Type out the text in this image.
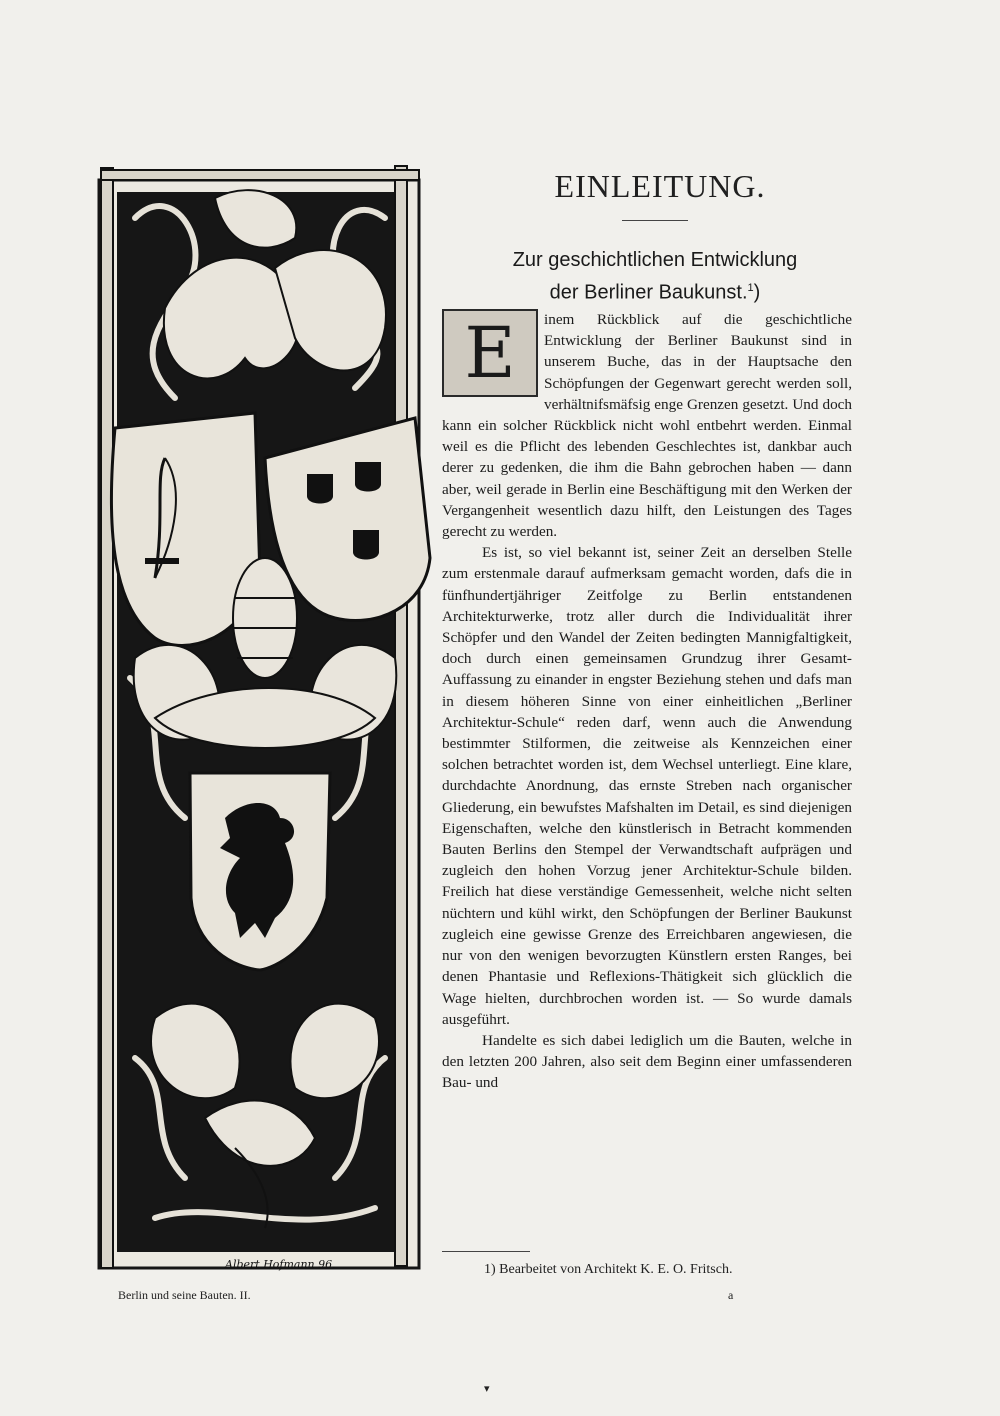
Albert Hofmann 96.
EINLEITUNG.
Zur geschichtlichen Entwicklung
der Berliner Baukunst.$^1$)
E	inem Rückblick auf die geschichtliche Entwicklung der Berliner Baukunst sind in unserem Buche, das in der Hauptsache den Schöpfungen der Gegenwart gerecht werden soll, verhältnifsmäfsig enge Grenzen gesetzt. Und doch kann ein solcher Rückblick nicht wohl entbehrt werden. Einmal weil es die Pflicht des lebenden Geschlechtes ist, dankbar auch derer zu gedenken, die ihm die Bahn gebrochen haben — dann aber, weil gerade in Berlin eine Beschäftigung mit den Werken der Vergangenheit wesentlich dazu hilft, den Leistungen des Tages gerecht zu werden.

Es ist, so viel bekannt ist, seiner Zeit an derselben Stelle zum erstenmale darauf aufmerksam gemacht worden, dafs die in fünfhundertjähriger Zeitfolge zu Berlin entstandenen Architekturwerke, trotz aller durch die Individualität ihrer Schöpfer und den Wandel der Zeiten bedingten Mannigfaltigkeit, doch durch einen gemeinsamen Grundzug ihrer Gesamt-Auffassung zu einander in engster Beziehung stehen und dafs man in diesem höheren Sinne von einer einheitlichen „Berliner Architektur-Schule“ reden darf, wenn auch die Anwendung bestimmter Stilformen, die zeitweise als Kennzeichen einer solchen betrachtet worden ist, dem Wechsel unterliegt. Eine klare, durchdachte Anordnung, das ernste Streben nach organischer Gliederung, ein bewufstes Mafshalten im Detail, es sind diejenigen Eigenschaften, welche den künstlerisch in Betracht kommenden Bauten Berlins den Stempel der Verwandtschaft aufprägen und zugleich den hohen Vorzug jener Architektur-Schule bilden. Freilich hat diese verständige Gemessenheit, welche nicht selten nüchtern und kühl wirkt, den Schöpfungen der Berliner Baukunst zugleich eine gewisse Grenze des Erreichbaren angewiesen, die nur von den wenigen bevorzugten Künstlern ersten Ranges, bei denen Phantasie und Reflexions-Thätigkeit sich glücklich die Wage hielten, durchbrochen worden ist. — So wurde damals ausgeführt.

Handelte es sich dabei lediglich um die Bauten, welche in den letzten 200 Jahren, also seit dem Beginn einer umfassenderen Bau- und

1) Bearbeitet von Architekt K. E. O. Fritsch.
Berlin und seine Bauten. II.	a
▾
